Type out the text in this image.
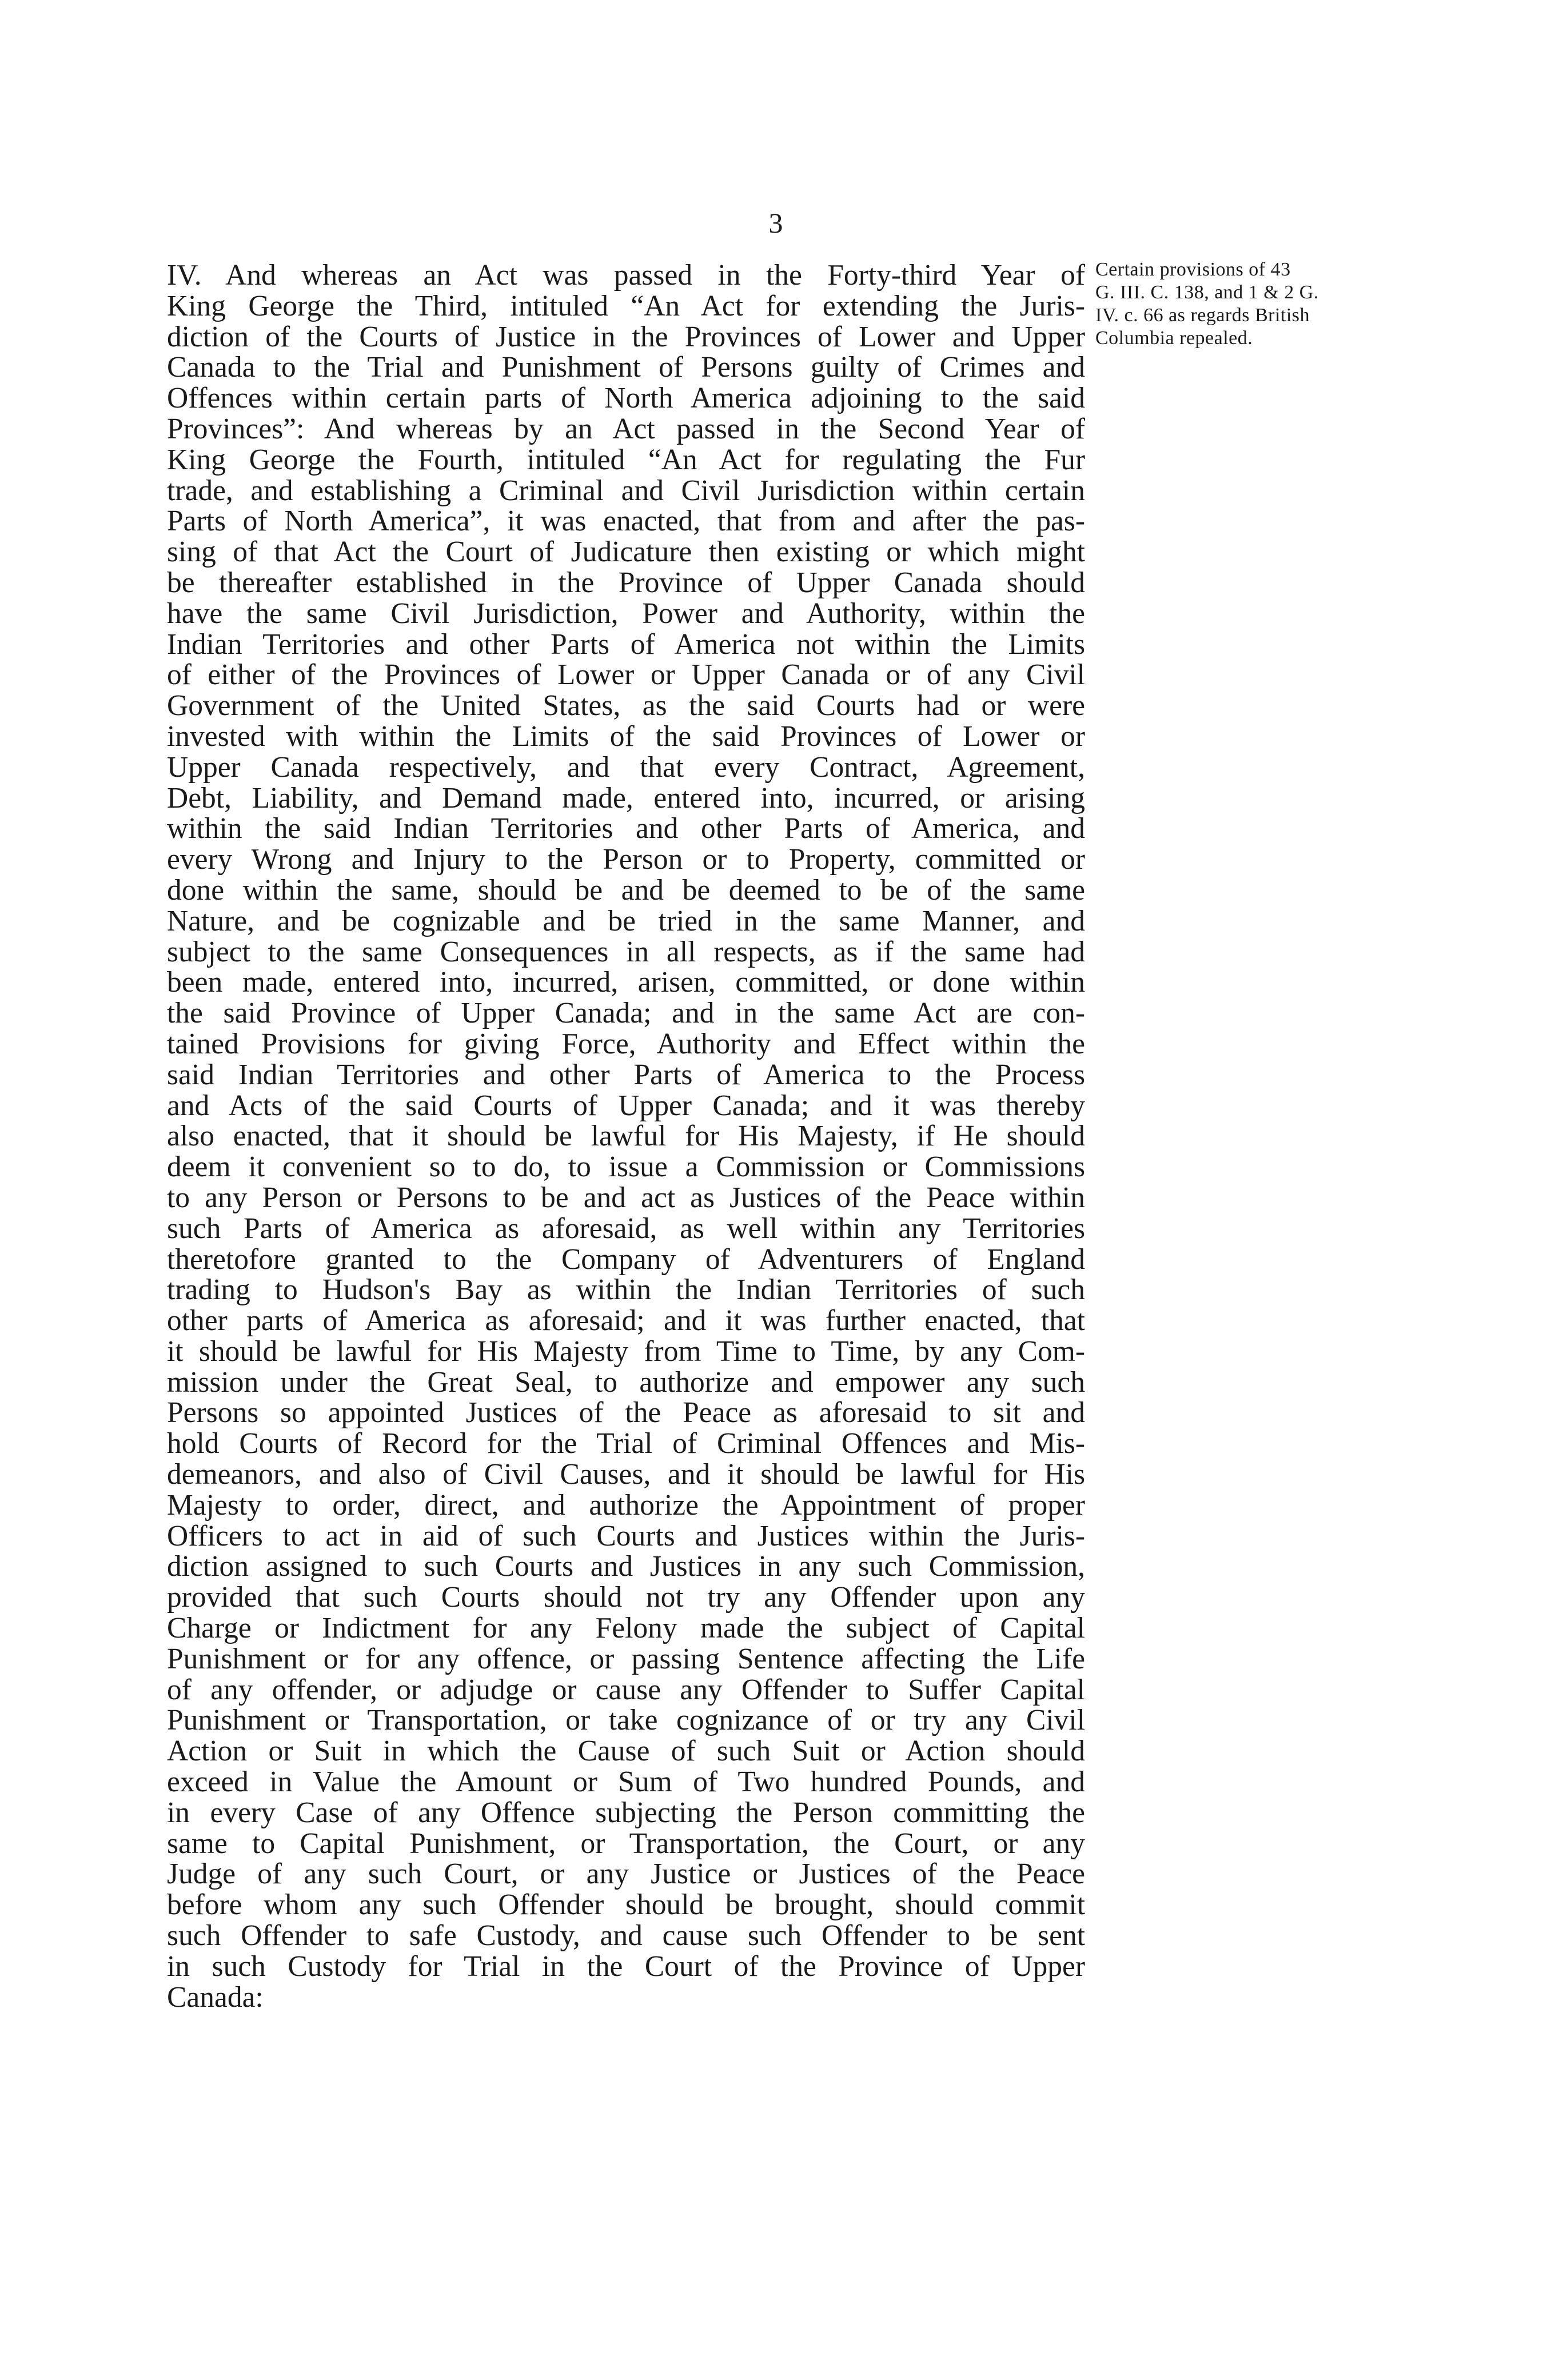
3
Certain provisions of 43
G. III. C. 138, and 1 & 2 G.
IV. c. 66 as regards British
Columbia repealed.
IV. And whereas an Act was passed in the Forty-third Year of
King George the Third, intituled “An Act for extending the Juris-
diction of the Courts of Justice in the Provinces of Lower and Upper
Canada to the Trial and Punishment of Persons guilty of Crimes and
Offences within certain parts of North America adjoining to the said
Provinces”: And whereas by an Act passed in the Second Year of
King George the Fourth, intituled “An Act for regulating the Fur
trade, and establishing a Criminal and Civil Jurisdiction within certain
Parts of North America”, it was enacted, that from and after the pas-
sing of that Act the Court of Judicature then existing or which might
be thereafter established in the Province of Upper Canada should
have the same Civil Jurisdiction, Power and Authority, within the
Indian Territories and other Parts of America not within the Limits
of either of the Provinces of Lower or Upper Canada or of any Civil
Government of the United States, as the said Courts had or were
invested with within the Limits of the said Provinces of Lower or
Upper Canada respectively, and that every Contract, Agreement,
Debt, Liability, and Demand made, entered into, incurred, or arising
within the said Indian Territories and other Parts of America, and
every Wrong and Injury to the Person or to Property, committed or
done within the same, should be and be deemed to be of the same
Nature, and be cognizable and be tried in the same Manner, and
subject to the same Consequences in all respects, as if the same had
been made, entered into, incurred, arisen, committed, or done within
the said Province of Upper Canada; and in the same Act are con-
tained Provisions for giving Force, Authority and Effect within the
said Indian Territories and other Parts of America to the Process
and Acts of the said Courts of Upper Canada; and it was thereby
also enacted, that it should be lawful for His Majesty, if He should
deem it convenient so to do, to issue a Commission or Commissions
to any Person or Persons to be and act as Justices of the Peace within
such Parts of America as aforesaid, as well within any Territories
theretofore granted to the Company of Adventurers of England
trading to Hudson's Bay as within the Indian Territories of such
other parts of America as aforesaid; and it was further enacted, that
it should be lawful for His Majesty from Time to Time, by any Com-
mission under the Great Seal, to authorize and empower any such
Persons so appointed Justices of the Peace as aforesaid to sit and
hold Courts of Record for the Trial of Criminal Offences and Mis-
demeanors, and also of Civil Causes, and it should be lawful for His
Majesty to order, direct, and authorize the Appointment of proper
Officers to act in aid of such Courts and Justices within the Juris-
diction assigned to such Courts and Justices in any such Commission,
provided that such Courts should not try any Offender upon any
Charge or Indictment for any Felony made the subject of Capital
Punishment or for any offence, or passing Sentence affecting the Life
of any offender, or adjudge or cause any Offender to Suffer Capital
Punishment or Transportation, or take cognizance of or try any Civil
Action or Suit in which the Cause of such Suit or Action should
exceed in Value the Amount or Sum of Two hundred Pounds, and
in every Case of any Offence subjecting the Person committing the
same to Capital Punishment, or Transportation, the Court, or any
Judge of any such Court, or any Justice or Justices of the Peace
before whom any such Offender should be brought, should commit
such Offender to safe Custody, and cause such Offender to be sent
in such Custody for Trial in the Court of the Province of Upper
Canada:
